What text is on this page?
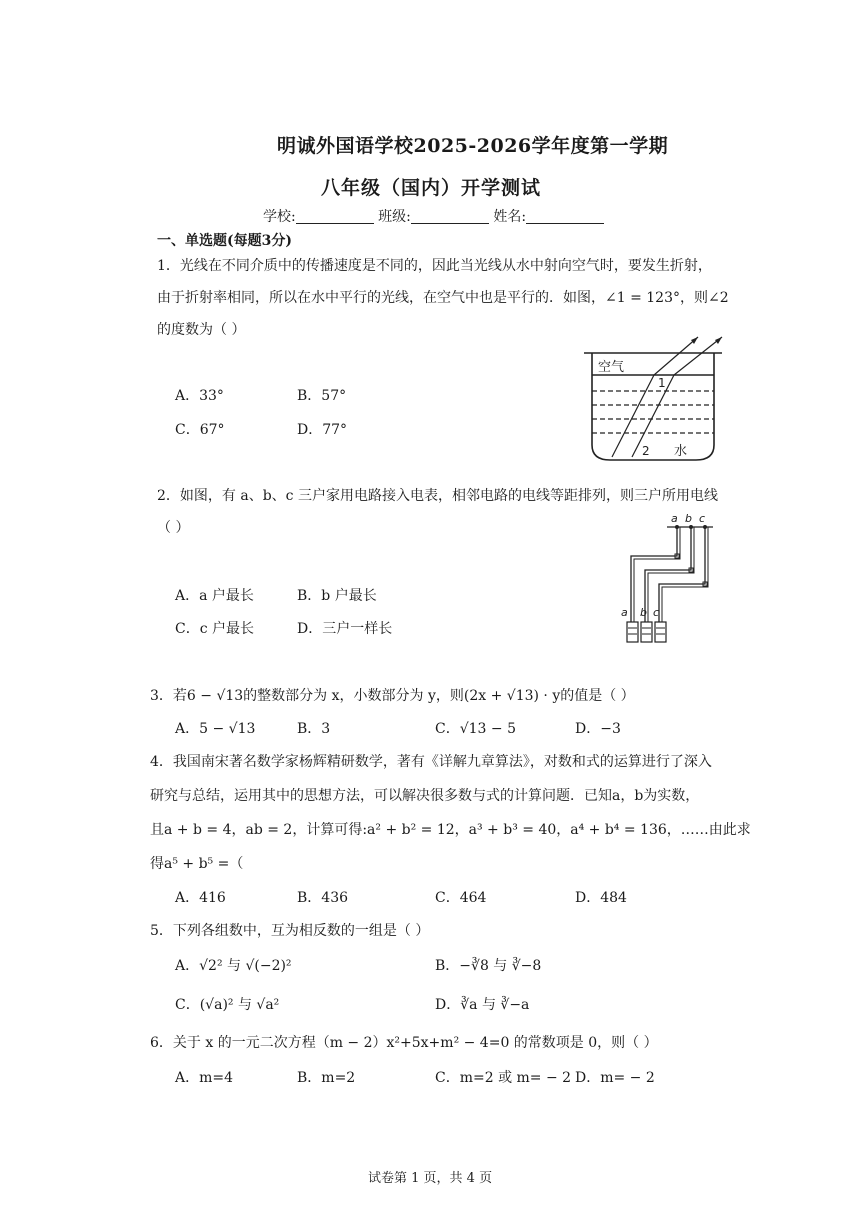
明诚外国语学校2025-2026学年度第一学期
八年级（国内）开学测试
学校:	班级:	姓名:
一、单选题(每题3分)
1．光线在不同介质中的传播速度是不同的，因此当光线从水中射向空气时，要发生折射，
由于折射率相同，所以在水中平行的光线，在空气中也是平行的．如图，∠1 = 123°，则∠2
的度数为（ ）
A．33°	B．57°
C．67°	D．77°
空气
1
2 水
2．如图，有 a、b、c 三户家用电路接入电表，相邻电路的电线等距排列，则三户所用电线
（ ）
A．a 户最长	B．b 户最长
C．c 户最长	D．三户一样长
a b c
a b c
3．若6 − √13的整数部分为 x，小数部分为 y，则(2x + √13) · y的值是（ ）
A．5 − √13	B．3	C．√13 − 5	D．−3
4．我国南宋著名数学家杨辉精研数学，著有《详解九章算法》，对数和式的运算进行了深入
研究与总结，运用其中的思想方法，可以解决很多数与式的计算问题．已知a，b为实数，
且a + b = 4，ab = 2，计算可得:a² + b² = 12，a³ + b³ = 40，a⁴ + b⁴ = 136，……由此求
得a⁵ + b⁵ =（
A．416	B．436	C．464	D．484
5．下列各组数中，互为相反数的一组是（ ）
A．√2² 与 √(−2)²	B．−∛8 与 ∛−8
C．(√a)² 与 √a²	D．∛a 与 ∛−a
6．关于 x 的一元二次方程（m − 2）x²+5x+m² − 4=0 的常数项是 0，则（ ）
A．m=4	B．m=2	C．m=2 或 m= − 2 D．m= − 2
试卷第 1 页，共 4 页
